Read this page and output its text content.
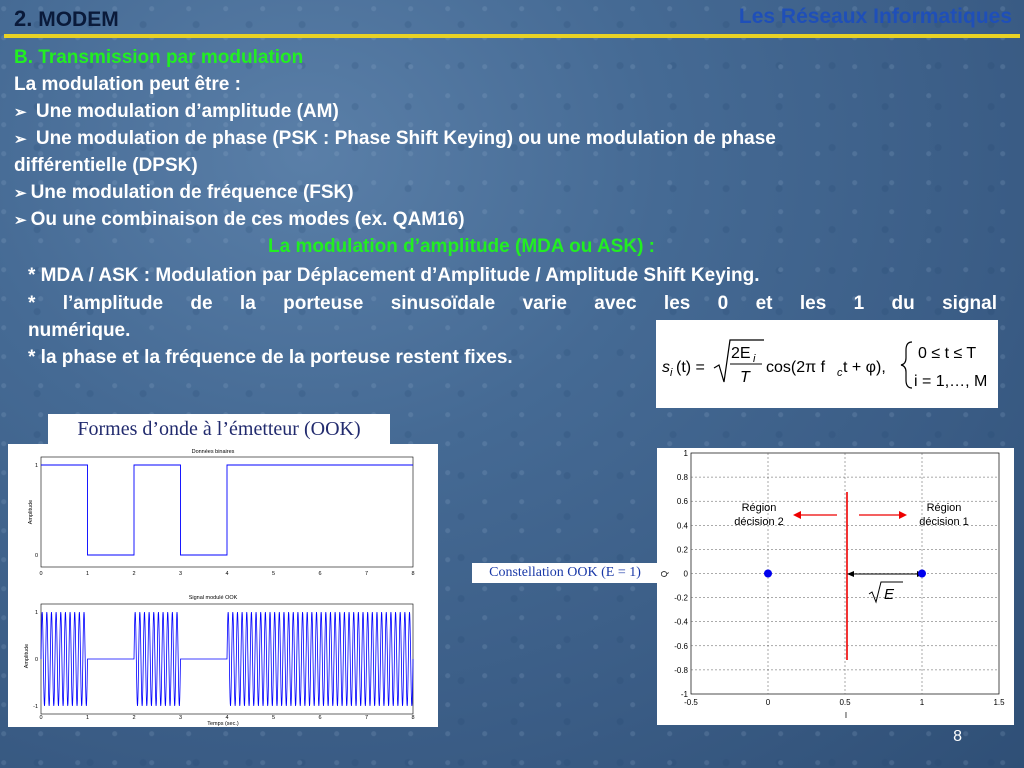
2. MODEM	Les Réseaux Informatiques
B. Transmission par modulation
La modulation peut être :
➢ Une modulation d’amplitude (AM)
➢ Une modulation de phase (PSK : Phase Shift Keying) ou une modulation de phase
différentielle (DPSK)
➢ Une modulation de fréquence (FSK)
➢ Ou une combinaison de ces modes (ex. QAM16)
La modulation d’amplitude (MDA ou ASK) :
* MDA / ASK : Modulation par Déplacement d’Amplitude / Amplitude Shift Keying.
* l’amplitude de la porteuse sinusoïdale varie avec les 0 et les 1 du signal
numérique.
* la phase et la fréquence de la porteuse restent fixes.	s i (t) =
2E i
T
cos(2π f c t + φ),
0 ≤ t ≤ T
i = 1,…, M
Formes d’onde à l’émetteur (OOK)
Données binaires
Amplitude
Signal modulé OOK
Amplitude
Temps (sec.)
0
0
1
1
2
2
3
3
4
4
5
5
6
6
7
7
8
8
1
0
1
0
-1
Constellation OOK (E = 1)
-0.5	0	0.5	1	1.5
1
0.8
0.6
0.4
0.2
0
-0.2
-0.4
-0.6
-0.8
-1
I
Q
Région
décision 2
Région
décision 1
E
8
